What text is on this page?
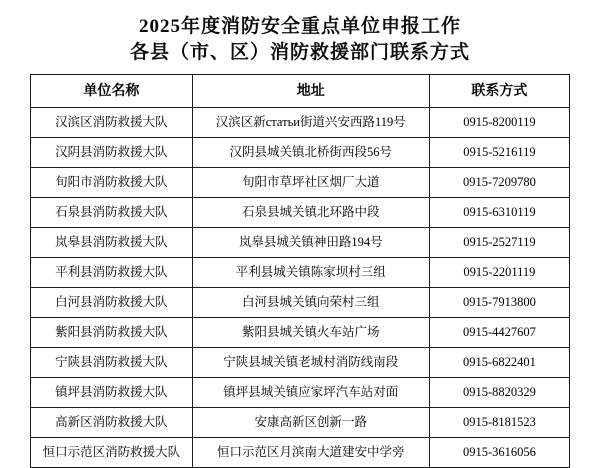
2025年度消防安全重点单位申报工作
各县（市、区）消防救援部门联系方式
单位名称	地址	联系方式
汉滨区消防救援大队	汉滨区新статьи街道兴安西路119号	0915-8200119
汉阴县消防救援大队	汉阴县城关镇北桥街西段56号	0915-5216119
旬阳市消防救援大队	旬阳市草坪社区烟厂大道	0915-7209780
石泉县消防救援大队	石泉县城关镇北环路中段	0915-6310119
岚皋县消防救援大队	岚皋县城关镇神田路194号	0915-2527119
平利县消防救援大队	平利县城关镇陈家坝村三组	0915-2201119
白河县消防救援大队	白河县城关镇向荣村三组	0915-7913800
紫阳县消防救援大队	紫阳县城关镇火车站广场	0915-4427607
宁陕县消防救援大队	宁陕县城关镇老城村消防线南段	0915-6822401
镇坪县消防救援大队	镇坪县城关镇应家坪汽车站对面	0915-8820329
高新区消防救援大队	安康高新区创新一路	0915-8181523
恒口示范区消防救援大队	恒口示范区月滨南大道建安中学旁	0915-3616056
